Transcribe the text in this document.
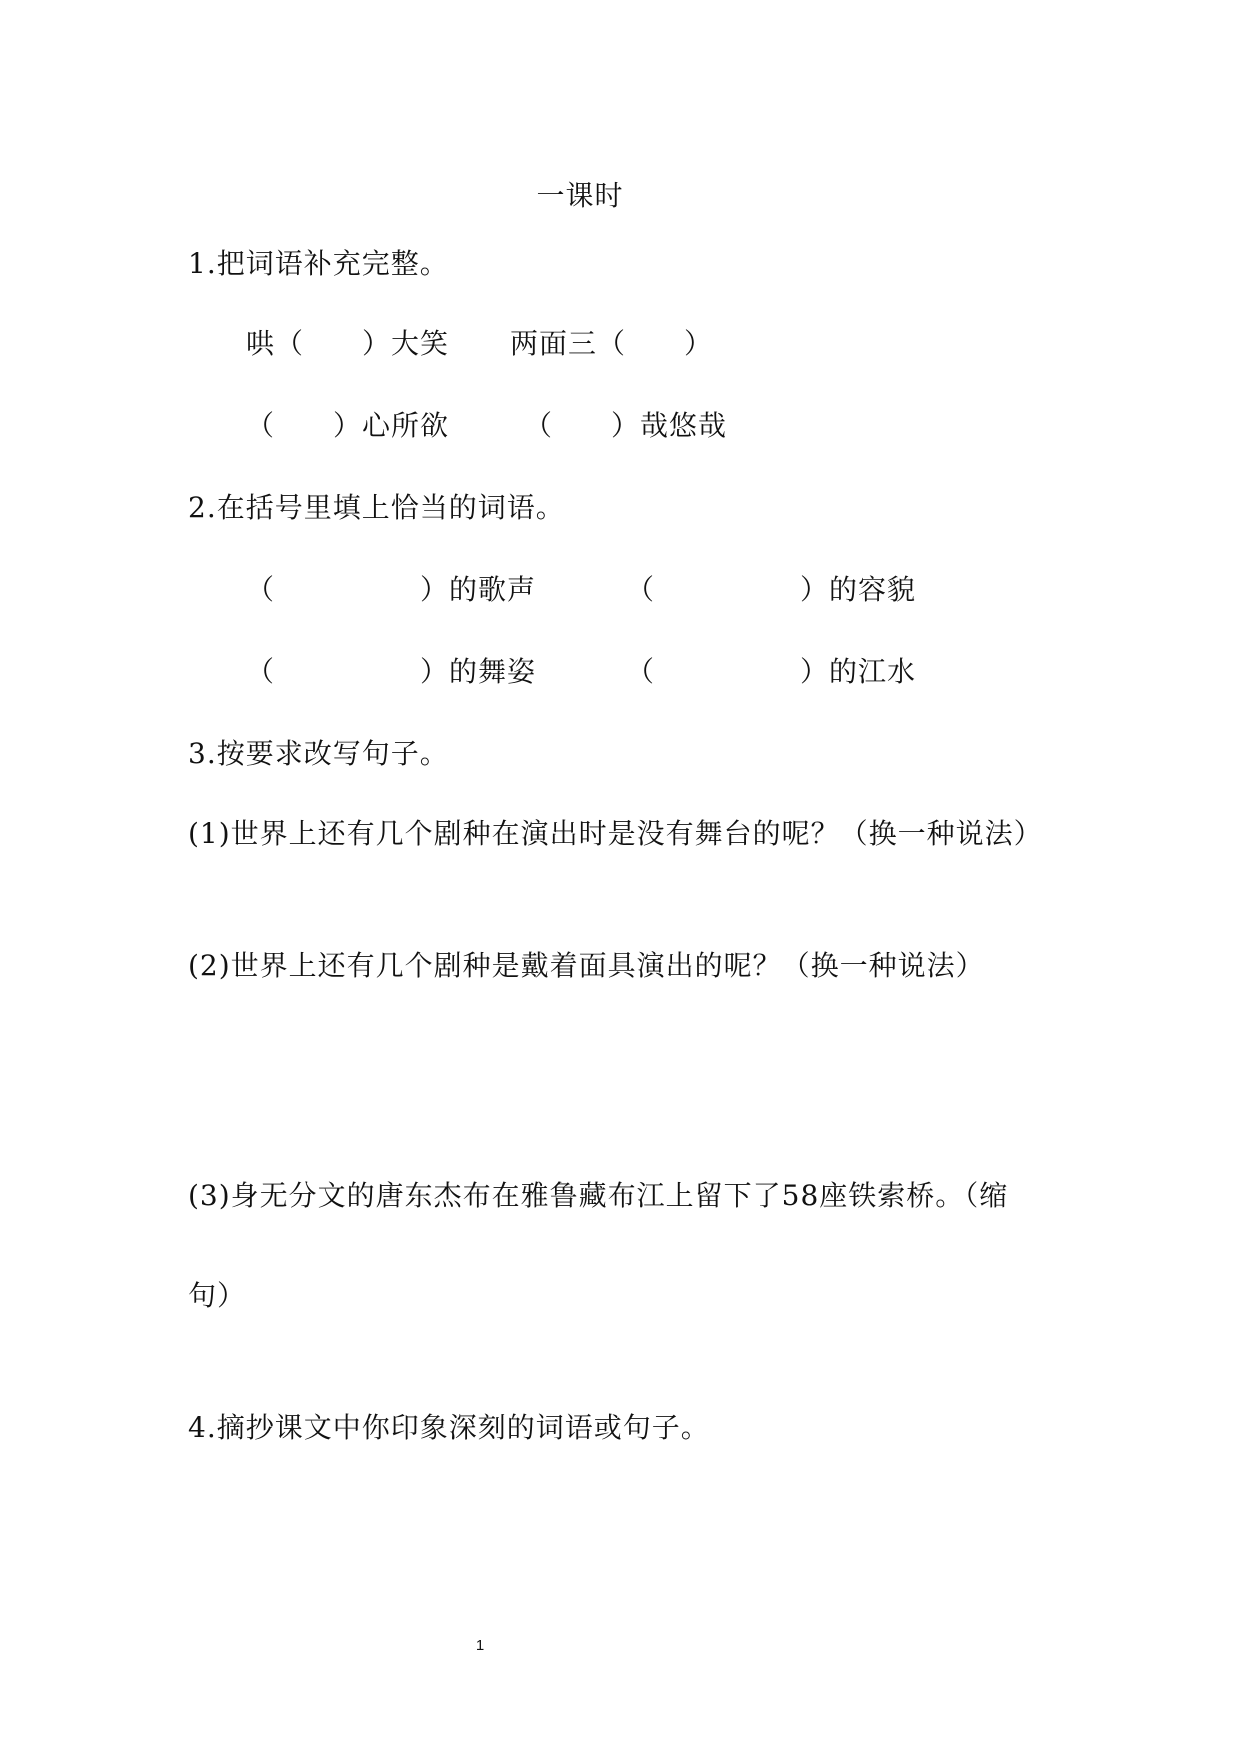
一课时
1.把词语补充完整。
哄（　　）大笑 两面三（　　）
（　　）心所欲	（　　）哉悠哉
2.在括号里填上恰当的词语。
（　　　　　）的歌声	（　　　　　）的容貌
（　　　　　）的舞姿	（　　　　　）的江水
3.按要求改写句子。
(1)世界上还有几个剧种在演出时是没有舞台的呢？（换一种说法）
(2)世界上还有几个剧种是戴着面具演出的呢？（换一种说法）
(3)身无分文的唐东杰布在雅鲁藏布江上留下了58座铁索桥。（缩
句）
4.摘抄课文中你印象深刻的词语或句子。
1
